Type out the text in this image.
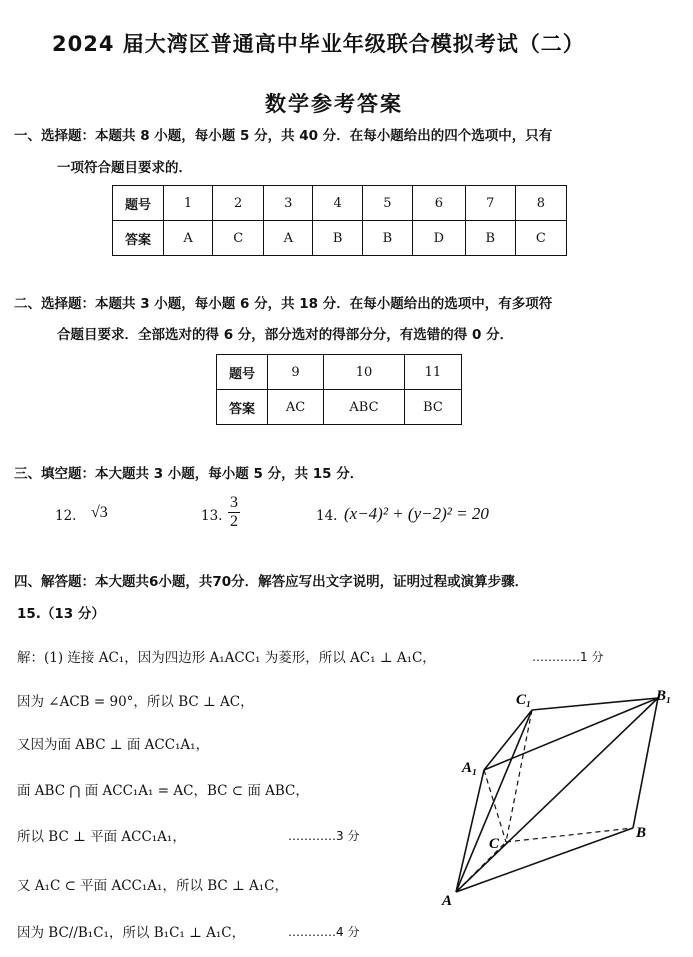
2024 届大湾区普通高中毕业年级联合模拟考试（二）
数学参考答案
一、选择题：本题共 8 小题，每小题 5 分，共 40 分．在每小题给出的四个选项中，只有
一项符合题目要求的．
题号	1	2	3	4	5	6	7	8
答案	A	C	A	B	B	D	B	C
二、选择题：本题共 3 小题，每小题 6 分，共 18 分．在每小题给出的选项中，有多项符
合题目要求．全部选对的得 6 分，部分选对的得部分分，有选错的得 0 分．
题号	9	10	11
答案	AC	ABC	BC
三、填空题：本大题共 3 小题，每小题 5 分，共 15 分．
12. √3	13. $\frac{3}{2}$	14. (x−4)² + (y−2)² = 20
四、解答题：本大题共6小题，共70分．解答应写出文字说明，证明过程或演算步骤．
15.（13 分）
解：(1) 连接 AC₁，因为四边形 A₁ACC₁ 为菱形，所以 AC₁ ⊥ A₁C，	…………1 分
因为 ∠ACB = 90°，所以 BC ⊥ AC，
又因为面 ABC ⊥ 面 ACC₁A₁，
面 ABC ⋂ 面 ACC₁A₁ = AC，BC ⊂ 面 ABC，
所以 BC ⊥ 平面 ACC₁A₁，	…………3 分
又 A₁C ⊂ 平面 ACC₁A₁，所以 BC ⊥ A₁C，
因为 BC//B₁C₁，所以 B₁C₁ ⊥ A₁C，	…………4 分
C₁	B₁
A₁
C
B
A
